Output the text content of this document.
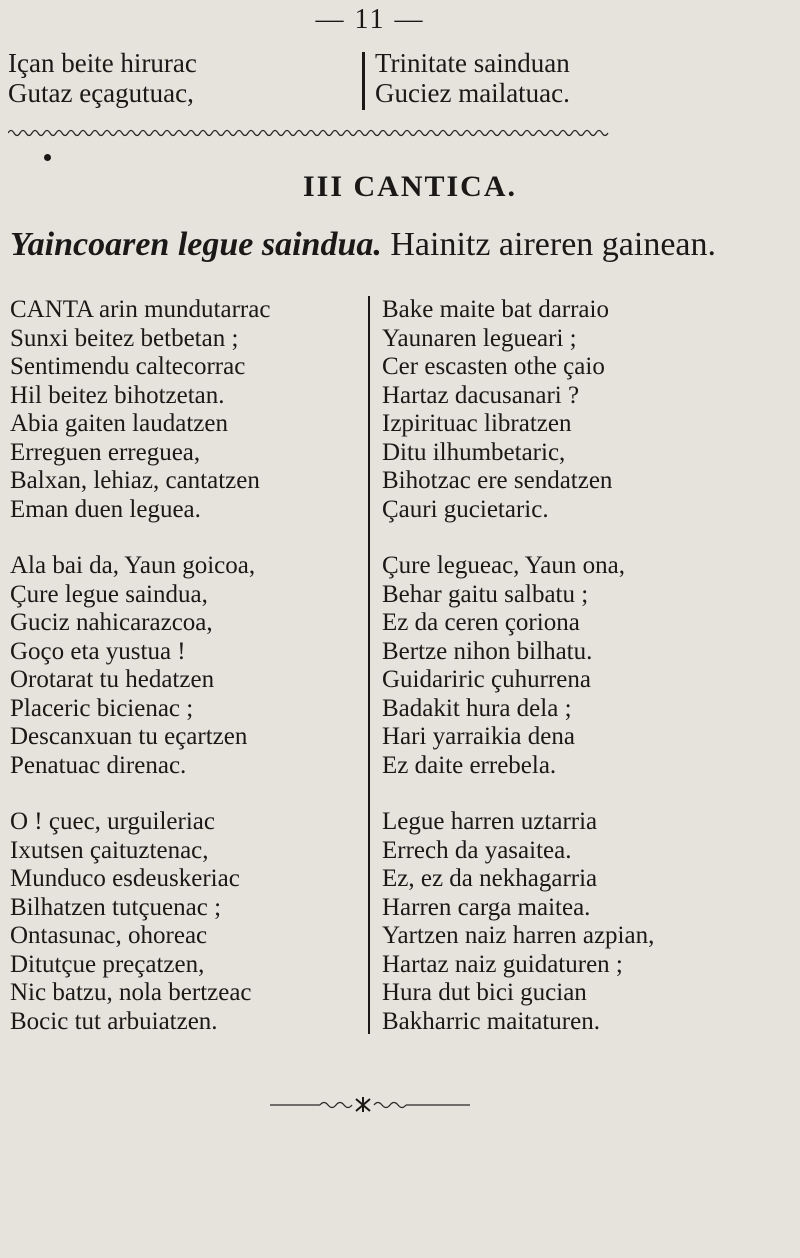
— 11 —
Içan beite hirurac
Gutaz eçagutuac,
Trinitate sainduan
Guciez mailatuac.
III CANTICA.
Yaincoaren legue saindua. Hainitz aireren gainean.
CANTA arin mundutarrac
Sunxi beitez betbetan ;
Sentimendu caltecorrac
Hil beitez bihotzetan.
Abia gaiten laudatzen
Erreguen erreguea,
Balxan, lehiaz, cantatzen
Eman duen leguea.
Ala bai da, Yaun goicoa,
Çure legue saindua,
Guciz nahicarazcoa,
Goço eta yustua !
Orotarat tu hedatzen
Placeric bicienac ;
Descanxuan tu eçartzen
Penatuac direnac.
O ! çuec, urguileriac
Ixutsen çaituztenac,
Munduco esdeuskeriac
Bilhatzen tutçuenac ;
Ontasunac, ohoreac
Ditutçue preçatzen,
Nic batzu, nola bertzeac
Bocic tut arbuiatzen.
Bake maite bat darraio
Yaunaren legueari ;
Cer escasten othe çaio
Hartaz dacusanari ?
Izpirituac libratzen
Ditu ilhumbetaric,
Bihotzac ere sendatzen
Çauri gucietaric.
Çure legueac, Yaun ona,
Behar gaitu salbatu ;
Ez da ceren çoriona
Bertze nihon bilhatu.
Guidariric çuhurrena
Badakit hura dela ;
Hari yarraikia dena
Ez daite errebela.
Legue harren uztarria
Errech da yasaitea.
Ez, ez da nekhagarria
Harren carga maitea.
Yartzen naiz harren azpian,
Hartaz naiz guidaturen ;
Hura dut bici gucian
Bakharric maitaturen.
